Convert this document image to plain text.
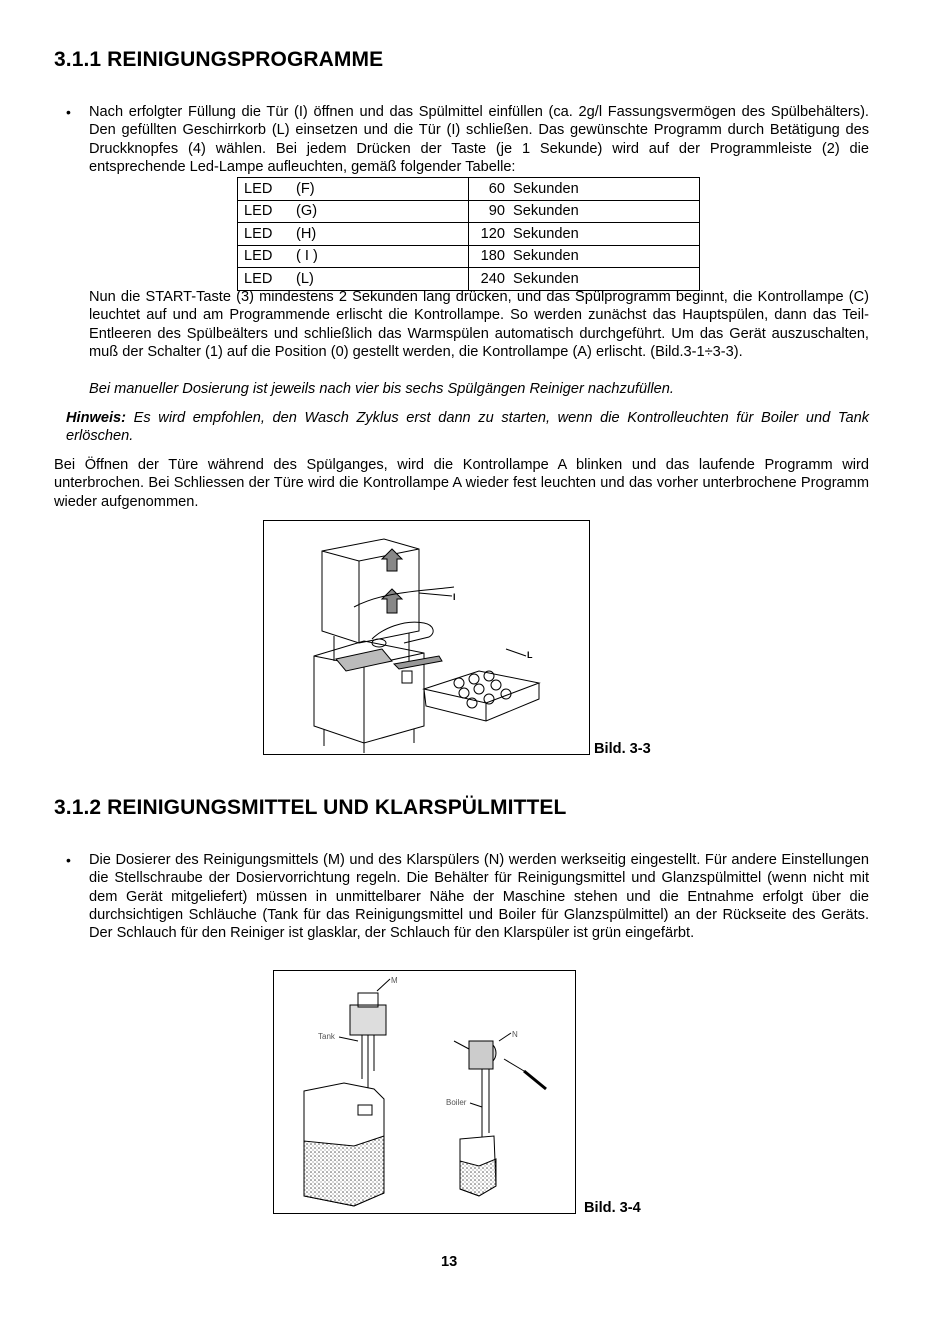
3.1.1 REINIGUNGSPROGRAMME
• Nach erfolgter Füllung die Tür (I) öffnen und das Spülmittel einfüllen (ca. 2g/l Fassungsvermögen des Spülbehälters). Den gefüllten Geschirrkorb (L) einsetzen und die Tür (I) schließen. Das gewünschte Programm durch Betätigung des Druckknopfes (4) wählen. Bei jedem Drücken der Taste (je 1 Sekunde) wird auf der Programmleiste (2) die entsprechende Led-Lampe aufleuchten, gemäß folgender Tabelle:
LED (F)	60 Sekunden
LED (G)	90 Sekunden
LED (H)	120 Sekunden
LED ( I )	180 Sekunden
LED (L)	240 Sekunden
Nun die START-Taste (3) mindestens 2 Sekunden lang drücken, und das Spülprogramm beginnt, die Kontrollampe (C) leuchtet auf und am Programmende erlischt die Kontrollampe. So werden zunächst das Hauptspülen, dann das Teil-Entleeren des Spülbeälters und schließlich das Warmspülen automatisch durchgeführt. Um das Gerät auszuschalten, muß der Schalter (1) auf die Position (0) gestellt werden, die Kontrollampe (A) erlischt. (Bild.3-1÷3-3).
Bei manueller Dosierung ist jeweils nach vier bis sechs Spülgängen Reiniger nachzufüllen.
Hinweis: Es wird empfohlen, den Wasch Zyklus erst dann zu starten, wenn die Kontrolleuchten für Boiler und Tank erlöschen.
Bei Öffnen der Türe während des Spülganges, wird die Kontrollampe A blinken und das laufende Programm wird unterbrochen. Bei Schliessen der Türe wird die Kontrollampe A wieder fest leuchten und das vorher unterbrochene Programm wieder aufgenommen.
I
L
Bild. 3-3
3.1.2 REINIGUNGSMITTEL UND KLARSPÜLMITTEL
• Die Dosierer des Reinigungsmittels (M) und des Klarspülers (N) werden werkseitig eingestellt. Für andere Einstellungen die Stellschraube der Dosiervorrichtung regeln. Die Behälter für Reinigungsmittel und Glanzspülmittel (wenn nicht mit dem Gerät mitgeliefert) müssen in unmittelbarer Nähe der Maschine stehen und die Entnahme erfolgt über die durchsichtigen Schläuche (Tank für das Reinigungsmittel und Boiler für Glanzspülmittel) an der Rückseite des Geräts. Der Schlauch für den Reiniger ist glasklar, der Schlauch für den Klarspüler ist grün eingefärbt.
M
N
Tank
Boiler
Bild. 3-4
13
